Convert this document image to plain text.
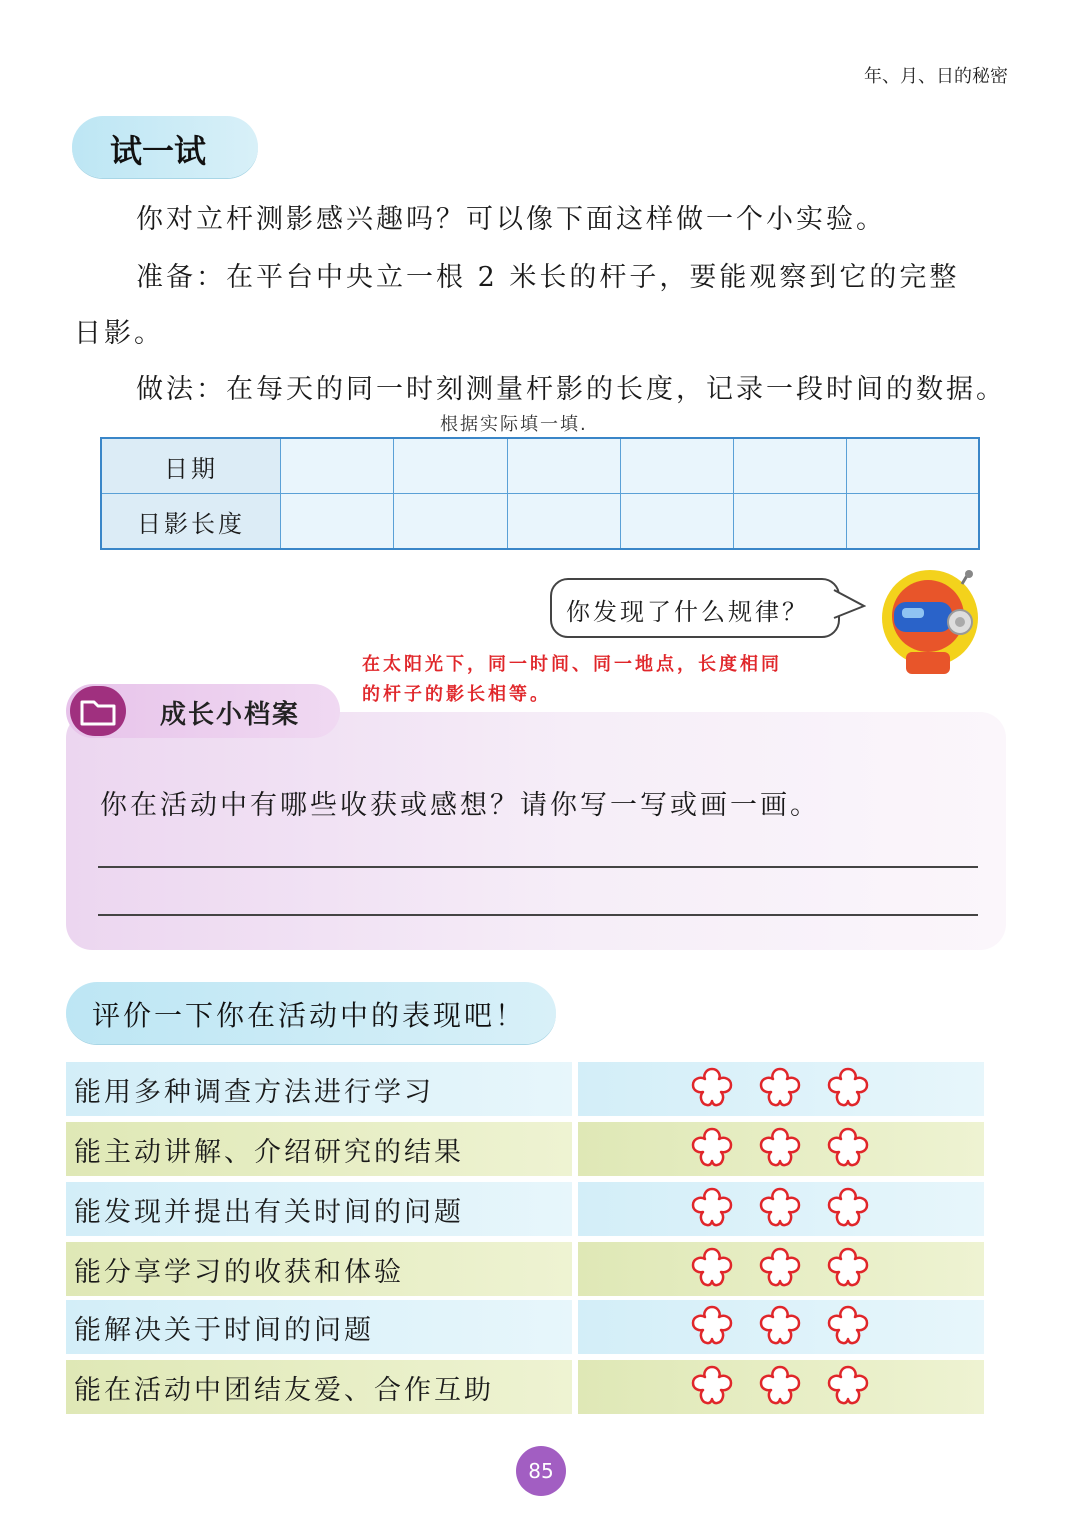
年、月、日的秘密
试一试
你对立杆测影感兴趣吗？可以像下面这样做一个小实验。
准备：在平台中央立一根 2 米长的杆子，要能观察到它的完整
日影。
做法：在每天的同一时刻测量杆影的长度，记录一段时间的数据。
根据实际填一填.
日期						
日影长度						
你发现了什么规律？
在太阳光下，同一时间、同一地点，长度相同
的杆子的影长相等。
成长小档案
你在活动中有哪些收获或感想？请你写一写或画一画。
评价一下你在活动中的表现吧！
能用多种调查方法进行学习
能主动讲解、介绍研究的结果
能发现并提出有关时间的问题
能分享学习的收获和体验
能解决关于时间的问题
能在活动中团结友爱、合作互助
85
